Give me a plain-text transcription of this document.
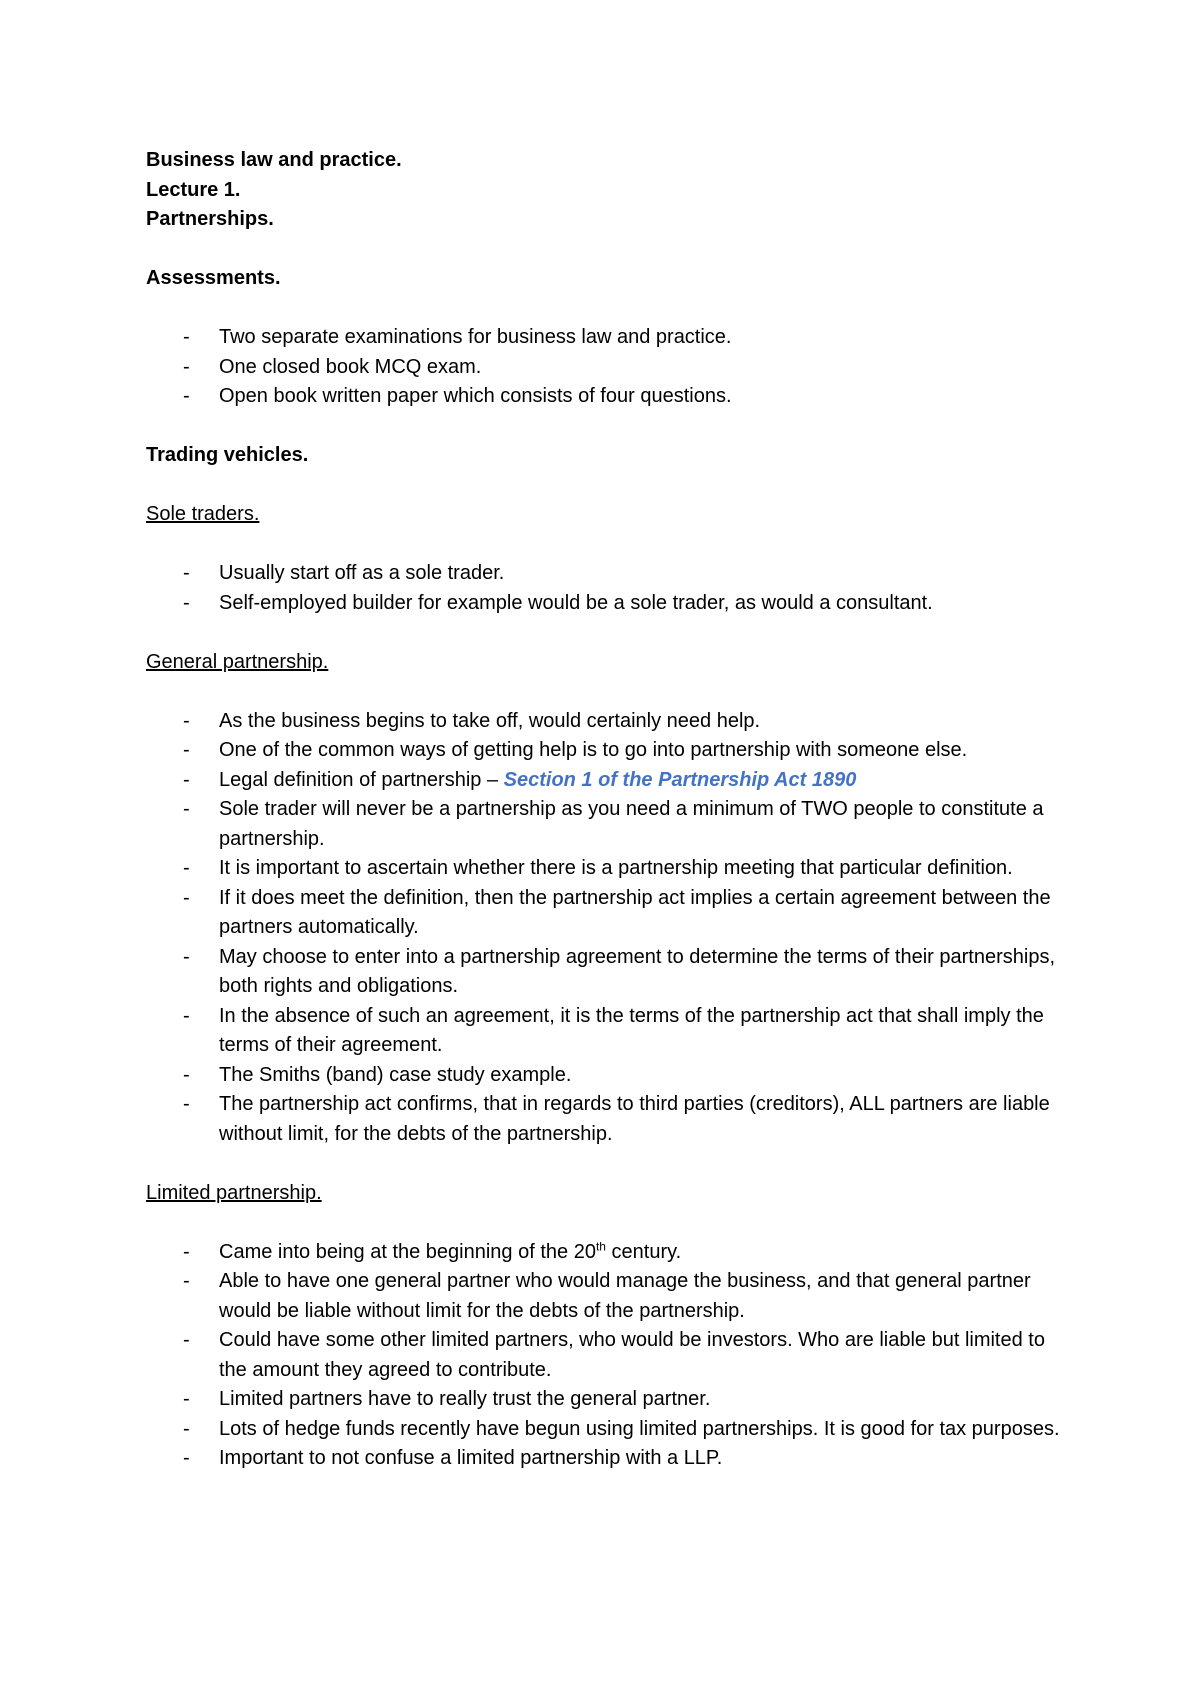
Business law and practice.

Lecture 1.

Partnerships.

Assessments.

- Two separate examinations for business law and practice.
- One closed book MCQ exam.
- Open book written paper which consists of four questions.

Trading vehicles.

Sole traders.

- Usually start off as a sole trader.
- Self-employed builder for example would be a sole trader, as would a consultant.

General partnership.

- As the business begins to take off, would certainly need help.
- One of the common ways of getting help is to go into partnership with someone else.
- Legal definition of partnership – Section 1 of the Partnership Act 1890
- Sole trader will never be a partnership as you need a minimum of TWO people to constitute a partnership.
- It is important to ascertain whether there is a partnership meeting that particular definition.
- If it does meet the definition, then the partnership act implies a certain agreement between the partners automatically.
- May choose to enter into a partnership agreement to determine the terms of their partnerships, both rights and obligations.
- In the absence of such an agreement, it is the terms of the partnership act that shall imply the terms of their agreement.
- The Smiths (band) case study example.
- The partnership act confirms, that in regards to third parties (creditors), ALL partners are liable without limit, for the debts of the partnership.

Limited partnership.

- Came into being at the beginning of the 20th century.
- Able to have one general partner who would manage the business, and that general partner would be liable without limit for the debts of the partnership.
- Could have some other limited partners, who would be investors. Who are liable but limited to the amount they agreed to contribute.
- Limited partners have to really trust the general partner.
- Lots of hedge funds recently have begun using limited partnerships. It is good for tax purposes.
- Important to not confuse a limited partnership with a LLP.
